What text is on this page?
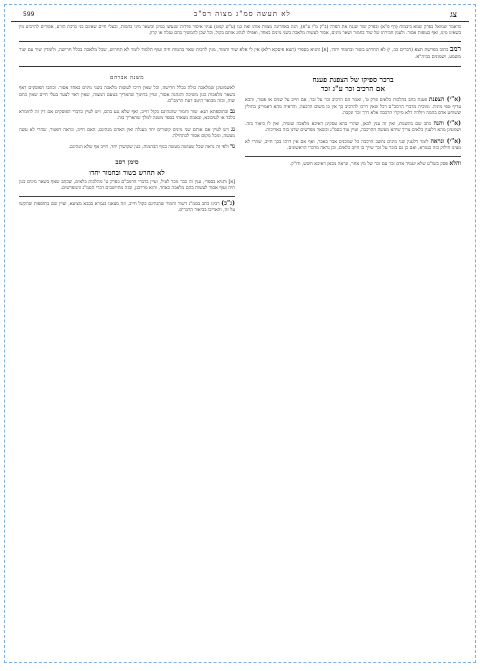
צג
לא תעשה סמ"ג מצוה רס"ב
599
כדאמר שמואל בפרק שמא ביבמות (דף פ"א) ובפרק שור שנגח את הפרה (ב"ק מ"ו ע"א), הנה באחרונה מצוות אותו ואת בנו (ע"ש קמט) עניני איסור פרדות שנעשו במינן ובשאר מיני בהמות, ובעלי חיים שאינם בני ברכת הזרע, אסורים להרביע מין בשאינו מינו, ואף בעופות אסור. ולענין חבירתו של שור בחמור ושאר מינים, אסור לעשות מלאכה בשני מינים כאחד, ואפילו לנהוג אותם בקול, וכל שכן להמשיך בהם עגלה או קרון.
רמב כתוב בפרשת תצא (דברים כב, י) לא תחרוש בשור ובחמור יחדו, [א] ותניא בספרי (תצא פיסקא רלא) אין לי אלא שור וחמור, מנין לרבות שאר בהמות חיה ועוף תלמוד לומר לא תחרוש, שכל מלאכה בכלל חרישה, ולומדין שור עם שור משמע, ושמונים בביה"א.
ברכר ספיקו של הצפנת פענח
אם הרכיב זכר ע"ג זכר

(א"י) הצפנת פענח כתב בהלכות כלאים פרק ט', ואמר הם הרכיב זכר על זכר, אם חייב על שנים או פטור, והכא עדיף טפי מיניה. ומוכיח מדברי הרמב"ם דכל שאין דרכו להרכיב כך אין בו משום הרבעה, והראיה מהא דאמרינן בחולין ששוחט אדם בהמה ויולדה דלא מיקרי הרכבה אלא דרך זכר ונקבה.

(א"י) והנה כתב שם בהשגות, ואין זה ענין לכאן, שהרי בהא עסקינן דאיכא מלאכה ועשיה, ואין לו ביאור בזה. ושמעינן מהא דלענין כלאים צריך שיהא מעשה ההרכבה, ועיין עוד בסמ"ג ובשאר מפרשים שדנו בזה באריכות.

(א"י) ונראה לומר דלענין שני מינים נחשב הרכבה כל שמכניס אבר באבר, ואף אם אין דרכו בכך חייב, שהרי לא מצינו חילוק בזה בגמרא, ואם כן גם בזכר על זכר שייך בו חיוב כלאים, וכן נראה מדברי הראשונים.

והלא פסק בשו"ע שלא יעמיד אדם זכר עם זכר של מין אחר, ונראה מכאן דאיכא חשש, ודו"ק.

משנה אברהם

לאשמועינן שמלאכה כולה בכלל חרישה, וכל שאין דרכו לעשות מלאכה בשני מינים כאחד אסור. וכתבו הפוסקים דאף בשאר מלאכות כגון משיכה והנהגה אסור, ועיין בחינוך שהאריך בטעם המצוה, שאין ראוי לצער בעלי חיים שאין כחם שוה, ובזה מבואר היטב דעת הרמב"ם.

נב ובתוספתא תנא: שור וחמור שהנהיגם בקול חייב, ואף שלא נגע בהם, ויש לעיין בדברי הפוסקים אם דין זה לחומרא בלבד או לעיכובא, ובאמת מצאתי בספר משנה למלך שהאריך בזה.

נג ויש לעיין אם אותם שני מינים קשורים יחד בעגלה ואין האדם מנהיגם, האם חייב, ונראה דפטור, שהרי לא עשה מעשה, ומכל מקום אסור לכתחילה.

נד ולפי זה נראה שכל שעושה מעשה בגוף הבהמות, כגון שקושרן יחד, חייב אף שלא הנהיגם.

סימן רסב
לא תחרש בשור ובחמור יחדו

[א] ותניא בספרי, ענין זה כבר נזכר לעיל, ועיין בדברי הרמב"ם בפרק ט' מהלכות כלאים, שכתב שאף בשאר מינים כגון חיה ועוף אסור לעשות בהם מלאכה כאחד, והוא מדרבנן, ובזה מתיישבים דברי הסמ"ג והמפרשים.

(ג"כ) רבינו כתב בסמ"ג דשור וחמור שהנהיגם בקול חייב, וזה מצאנו בגמרא בבבא מציעא, ועיין שם בתוספות שהקשו על זה, והאריכו בביאור הדברים.
